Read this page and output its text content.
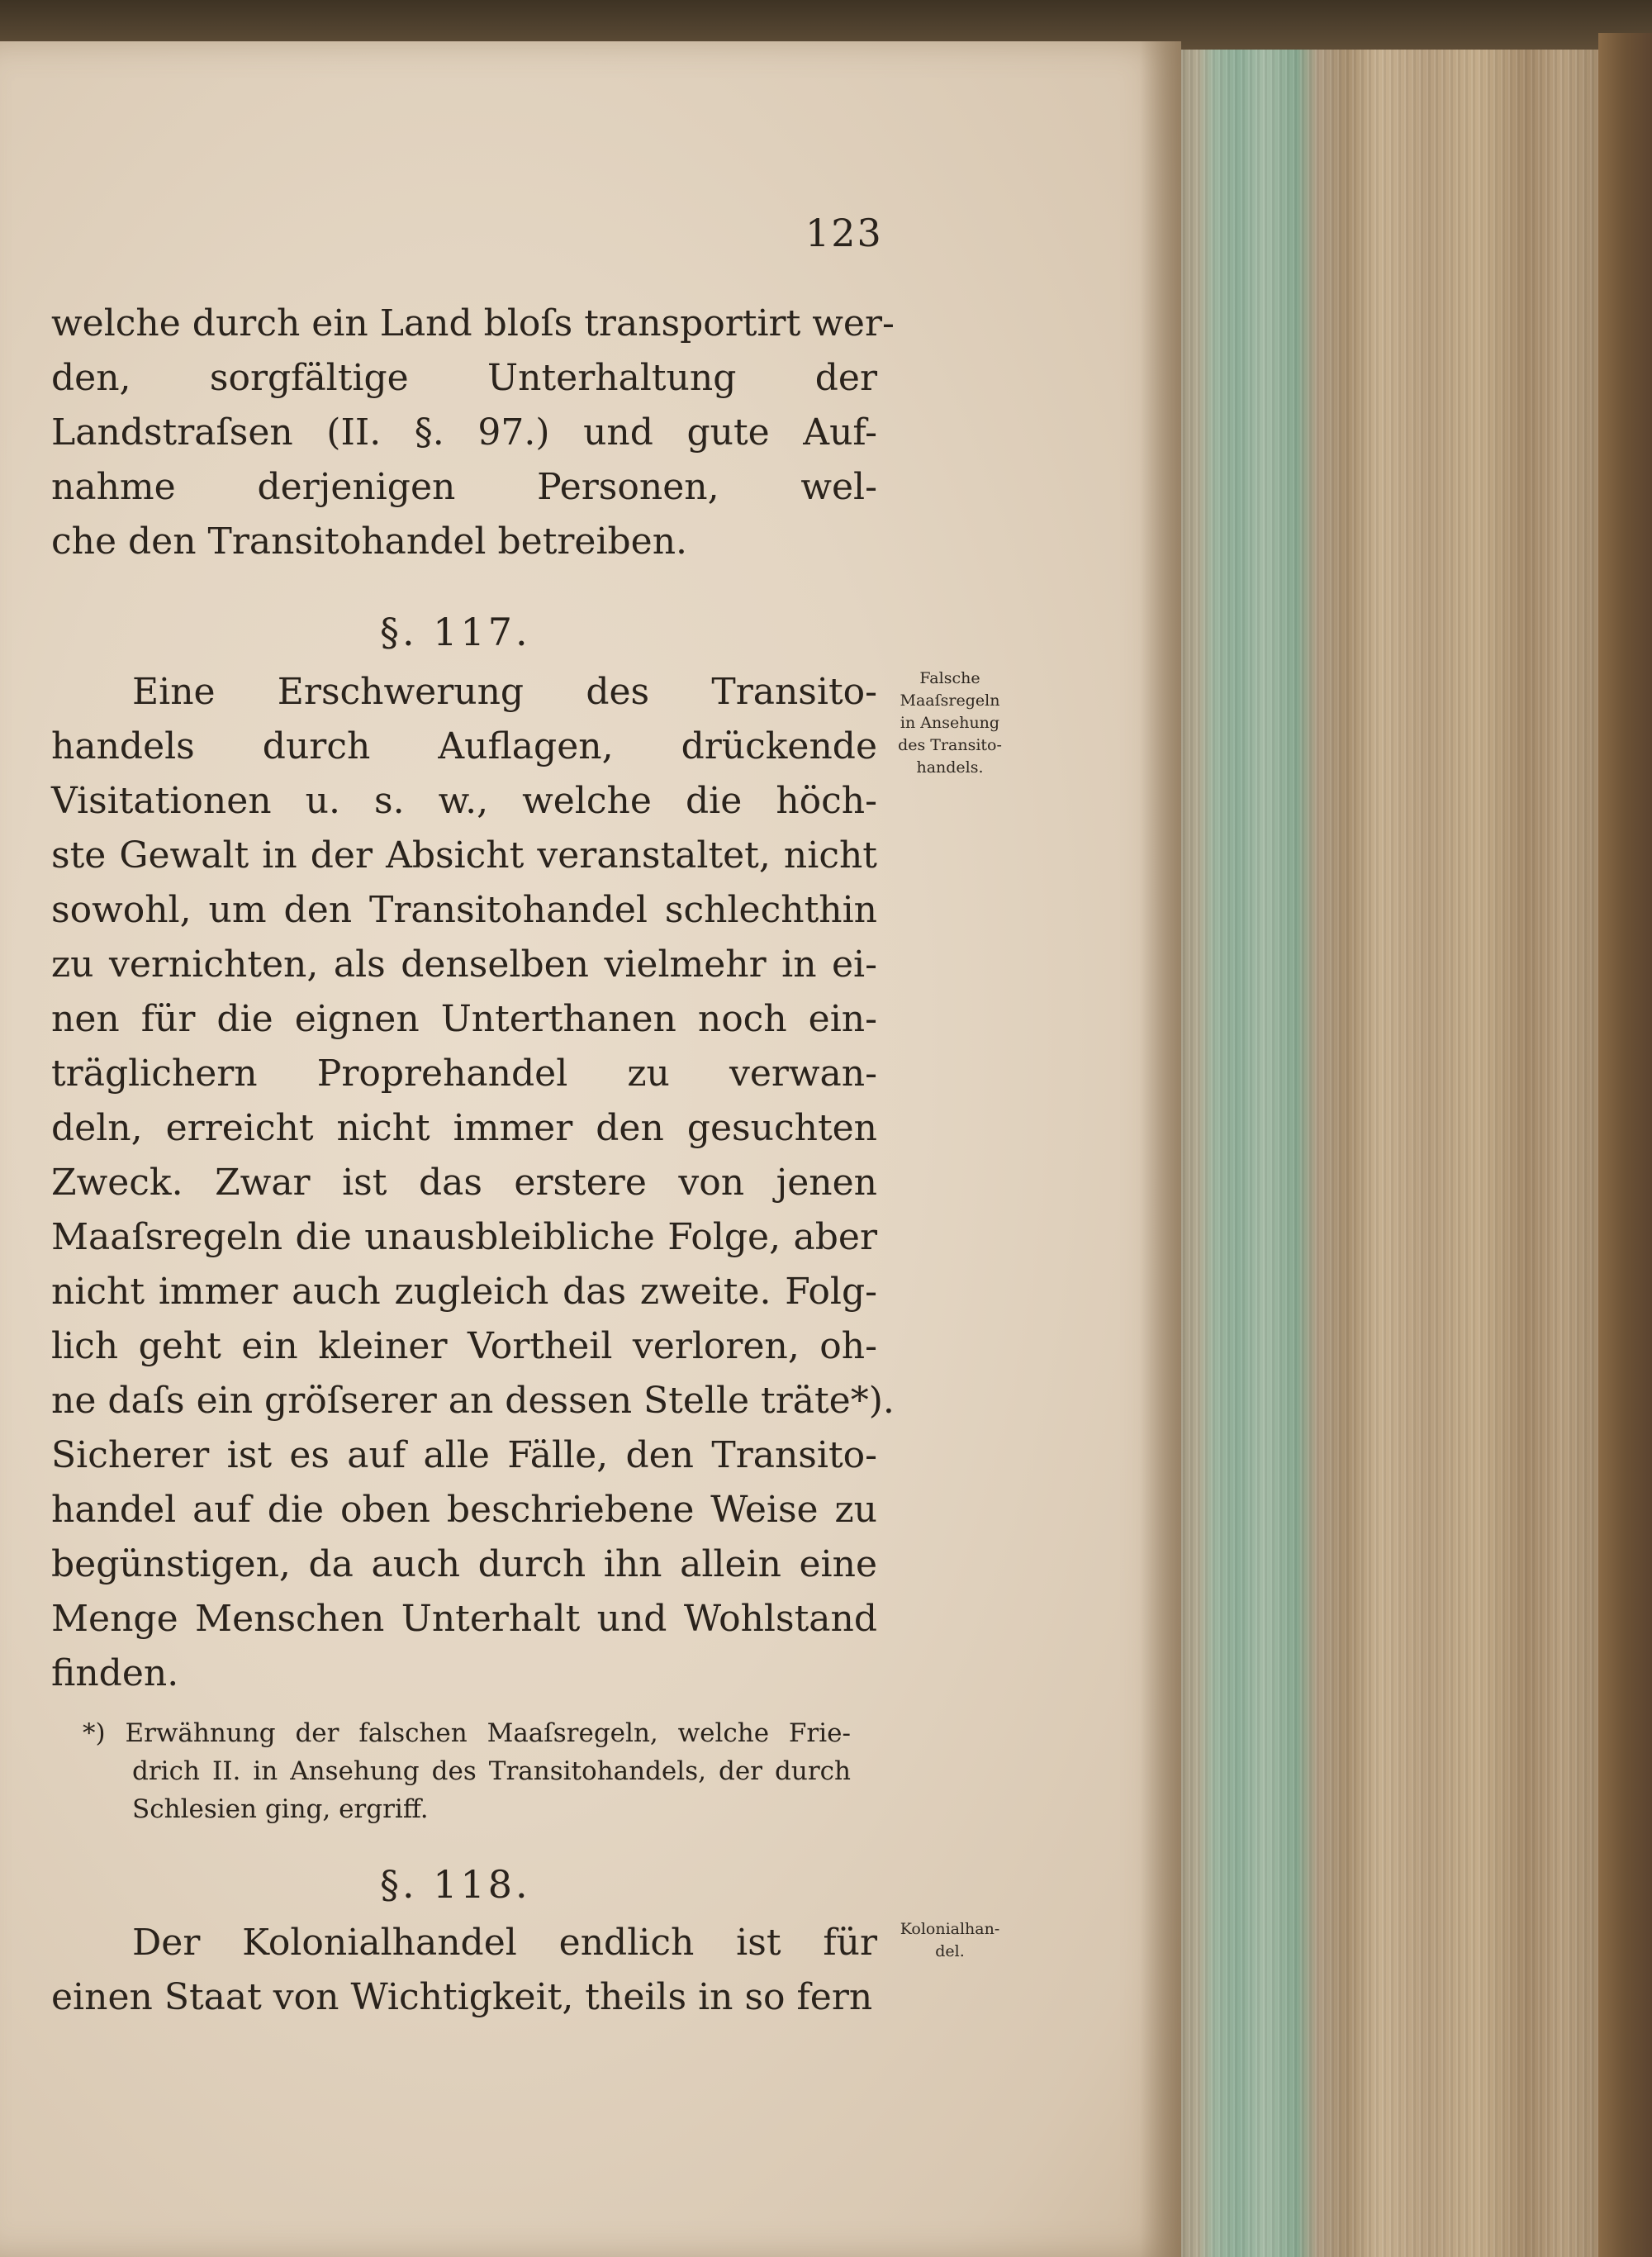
123
welche durch ein Land bloſs transportirt wer-
den, sorgfältige Unterhaltung der
Landstraſsen (II. §. 97.) und gute Auf-
nahme derjenigen Personen, wel-
che den Transitohandel betreiben.
§. 117.
Eine Erschwerung des Transito-
handels durch Auflagen, drückende
Visitationen u. s. w., welche die höch-
ste Gewalt in der Absicht veranstaltet, nicht
sowohl, um den Transitohandel schlechthin
zu vernichten, als denselben vielmehr in ei-
nen für die eignen Unterthanen noch ein-
träglichern Proprehandel zu verwan-
deln, erreicht nicht immer den gesuchten
Zweck. Zwar ist das erstere von jenen
Maaſsregeln die unausbleibliche Folge, aber
nicht immer auch zugleich das zweite. Folg-
lich geht ein kleiner Vortheil verloren, oh-
ne daſs ein gröſserer an dessen Stelle träte*).
Sicherer ist es auf alle Fälle, den Transito-
handel auf die oben beschriebene Weise zu
begünstigen, da auch durch ihn allein eine
Menge Menschen Unterhalt und Wohlstand
finden.
Falsche
Maaſsregeln
in Ansehung
des Transito-
handels.
*) Erwähnung der falschen Maaſsregeln, welche Frie-
drich II. in Ansehung des Transitohandels, der durch
Schlesien ging, ergriff.
§. 118.
Der Kolonialhandel endlich ist für
einen Staat von Wichtigkeit, theils in so fern
Kolonialhan-
del.
